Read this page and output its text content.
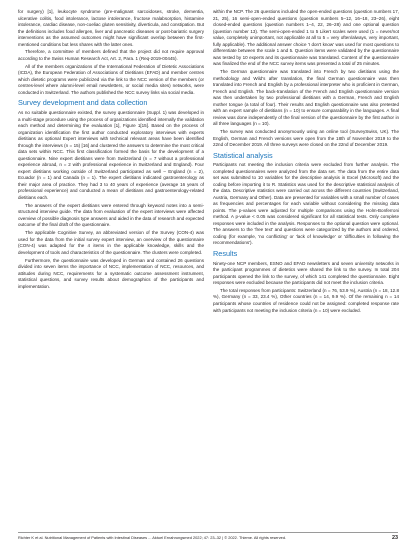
for surgery) [1], leukocyte syndrome (pre-malignant sarcoidoses, stroke, dementia, ulcerative colitis, food intolerance, lactose intolerance, fructose malabsorption, histamine intolerance, cardiac disease, non-coeliac gluten sensitivity, diverticula, and constipation. But the definitions includes food allergen, liver and pancreatic diseases or post-bariatric surgery interventions as the assumed outcomes might have significant overlap between the first-mentioned conditions but less shares with the latter ones.

Therefore, a committee of members defined that the project did not require approval according to the Swiss Human Research Act, Art. 2, Para. 1 (Req-2019-00445).

All of the members organizations of the International Federation of Dietetic Associations (ICDA), the European Federation of Associations of Dietitians (EFAD) and member centres which dietetic programs were publicized via the link to the NCC version of the members (or centres-level where alumni-level email newsletters, or social media sites) networks, were conducted in Switzerland. The authors published the NCC survey links via social media.

Survey development and data collection

As no suitable questionnaire existed, the survey questionnaire (Suppl. 1) was developed in a multi-stage procedure using the process of organizations identified internally the validation each method and determining the evaluation [1], Figure 1[15]. Based on the process of organization identification the first author conducted exploratory interviews with experts dietitians as optional Expert interviews with technical relevant areas have been identified through the interviews (n = 15) [16] and clustered the answers to determine the most critical data sets within NCC. This first classification formed the basis for the development of a questionnaire. Nine expert dietitians were from Switzerland (n = 7 without a professional experience abroad, n = 2 with professional experience in Switzerland and England). Four expert dietitians working outside of Switzerland participated as well – England (n = 2), Ecuador (n = 1) and Canada (n = 1). The expert dietitians indicated gastroenterology as their major area of practice. They had 3 to 40 years of experience (average 16 years of professional experience) and conducted a mean of dietitians and gastroenterology-related dietitians each.

The answers of the expert dietitians were entered through keyword notes into a semi-structured interview guide. The data from evaluation of the expert interviews were affected overview of possible diagnosis type answers and aided in the data of research and expected outcome of the final draft of the questionnaire.

The applicable Cognitive Survey, an abbreviated version of the Survey (CON-4) was used for the data from the initial survey expert interview, an overview of the questionnaire (CON-4) was adapted for the 4 items in the applicable knowledge, skills and the development of tools and characteristics of the questionnaire. The clusters were completed.

Furthermore, the questionnaire was developed in German and contained 26 questions divided into seven items the importance of NCC, implementation of NCC, resources, and attitudes during NCC, requirements for a systematic outcome assessment instrument, statistical questions, and survey results about demographics of the participants and implementation.

within the NCP. The 26 questions included the open-ended questions (question numbers 17, 21, 25), 16 semi-open-ended questions (question numbers 5–12, 16–18, 23–26), eight closed-ended questions (question numbers 1–4, 22, 26–28) and one optional question (question number 13). The semi-open-ended 1 to 5 Likert scales were used (1 = never/not value, completely unimportant, not applicable at all to 5 = very often/always, very important, fully applicable). The additional answer choice 'I don't know' was used for most questions to differentiate between the scale 1 and 5. Question items were validated by the questionnaire was tested by 10 experts and its questionnaire was translated. Content of the questionnaire was finalized the end of the NCC survey items was presented a total of 25 minutes.

The German questionnaire was translated into French by two dietitians using the methodology and Wild's after translation, the final German questionnaire was then translated into French and English by a professional interpreter who is proficient in German, French and English. The back-translation of the French and English questionnaire version was then undertaken by two professional dietitians with a German, French and English mother tongue (a total of four). Their results and English questionnaire was also pretested with an expert sample of dietitians (n = 10) to ensure comparability in the languages. A final review was done independently of the final version of the questionnaire by the first author in all three languages (n = 10).

The survey was conducted anonymously using an online tool (SurveySwiss, UK). The English, German and French versions were open from the 18th of November 2019 to the 22nd of December 2019. All three surveys were closed on the 22nd of December 2019.

Statistical analysis

Participants not meeting the inclusion criteria were excluded from further analysis. The completed questionnaires were analyzed from the data set. The data from the entire data set was submitted to 10 variables for the descriptive analysis in Excel (Microsoft) and the coding before importing it to R. Statistics was used for the descriptive statistical analysis of the data. Descriptive statistics were carried out across the different countries (Switzerland, Austria, Germany and Other). Data are presented for variables with a small number of cases as frequencies and percentages for each variable without considering the missing data points. The p-values were adjusted for multiple comparisons using the Holm-Bonferroni method. A p-value < 0.05 was considered significant for all statistical tests. Only complete responses were included in the analysis. Responses to the optional question were optional. The answers to the 'free text' and questions were categorized by the authors and ordered, coding (for example, 'no conflicting' or 'lack of knowledge' or 'difficulties in following the recommendations').

Results

Ninety-one NCP members, ESNO and EFAD newsletters and seven university networks in the participant programmes of dietetics were shared the link to the survey. In total 204 participants opened the link to the survey, of which 141 completed the questionnaire. Eight responses were excluded because the participants did not meet the inclusion criteria.

The total responses from participants: Switzerland (n = 76, 53.9 %), Austria (n = 18, 12.8 %), Germany (n = 33, 23.4 %), Other countries (n = 14, 9.9 %). Of the remaining n = 14 participants whose countries of residence could not be assigned: completed response rate with participants not meeting the inclusion criteria (n = 10) were excluded.

Richter K et al. Nutritional Management of Patients with Intestinal Diseases ... Aktuel Ernahrungsmed 2022; 47: 23–32 | © 2022. Thieme. All rights reserved.	23
